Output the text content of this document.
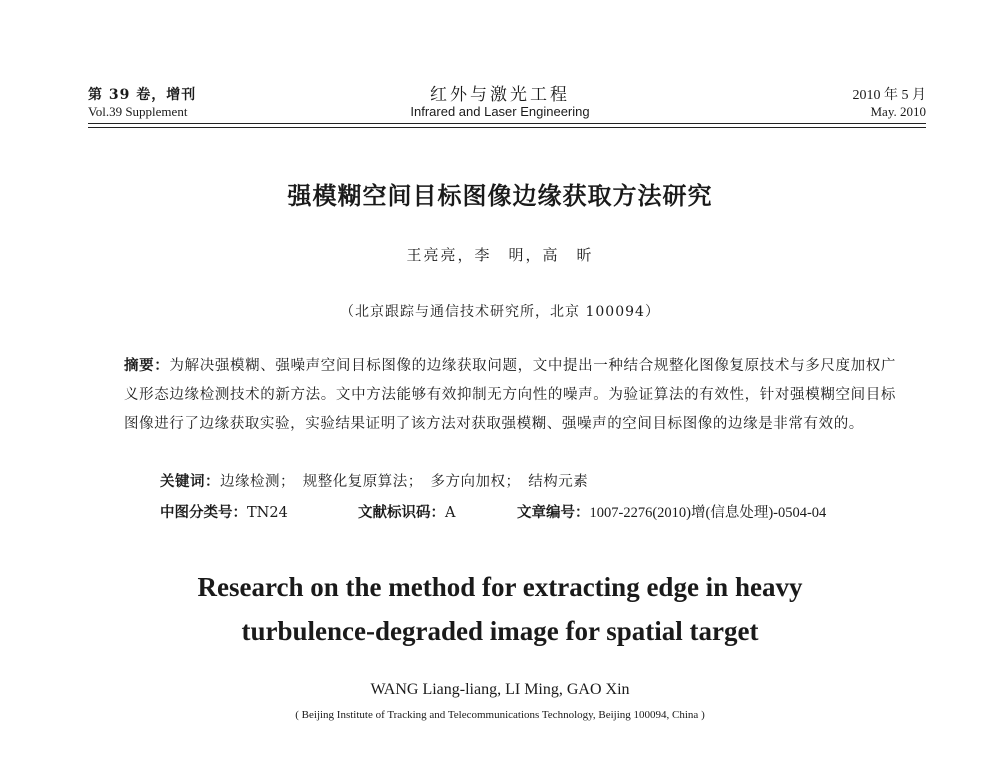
第 39 卷，增刊
Vol.39 Supplement
红外与激光工程
Infrared and Laser Engineering
2010 年 5 月
May. 2010
强模糊空间目标图像边缘获取方法研究
王亮亮，李　明，高　昕
（北京跟踪与通信技术研究所，北京 100094）
摘要：为解决强模糊、强噪声空间目标图像的边缘获取问题，文中提出一种结合规整化图像复原技术与多尺度加权广义形态边缘检测技术的新方法。文中方法能够有效抑制无方向性的噪声。为验证算法的有效性，针对强模糊空间目标图像进行了边缘获取实验，实验结果证明了该方法对获取强模糊、强噪声的空间目标图像的边缘是非常有效的。
关键词：边缘检测；　规整化复原算法；　多方向加权；　结构元素
中图分类号：TN24	文献标识码：A	文章编号：1007-2276(2010)增(信息处理)-0504-04
Research on the method for extracting edge in heavy
turbulence-degraded image for spatial target
WANG Liang-liang, LI Ming, GAO Xin
( Beijing Institute of Tracking and Telecommunications Technology, Beijing 100094, China )
